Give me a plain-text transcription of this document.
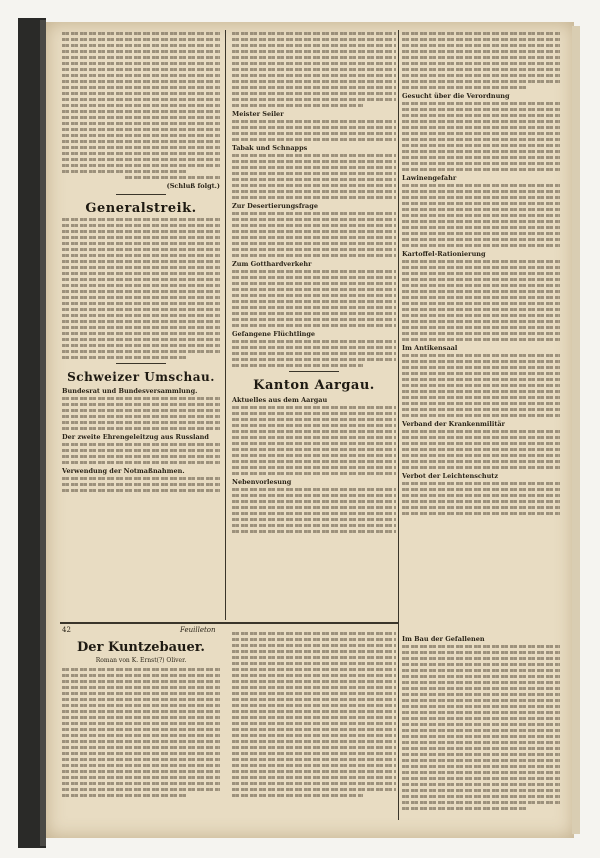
(Schluß folgt.)
Generalstreik.
Schweizer Umschau.
Bundesrat und Bundesversammlung.
Der zweite Ehrengeleitzug aus Russland
Verwendung der Notmaßnahmen.
Meister Seiler
Tabak und Schnapps
Zur Desertierungsfrage
Zum Gotthardverkehr
Gefangene Flüchtlinge
Kanton Aargau.
Aktuelles aus dem Aargau
Nebenvorlesung
Gesucht über die Verordnung
Lawinengefahr
Kartoffel-Rationierung
Im Antikensaal
Verband der Krankenmilitär
Verbot der Leichtenschutz
Im Bau der Gefallenen
42	Feuilleton
Der Kuntzebauer.
Roman von K. Ernst(?) Oliver.
